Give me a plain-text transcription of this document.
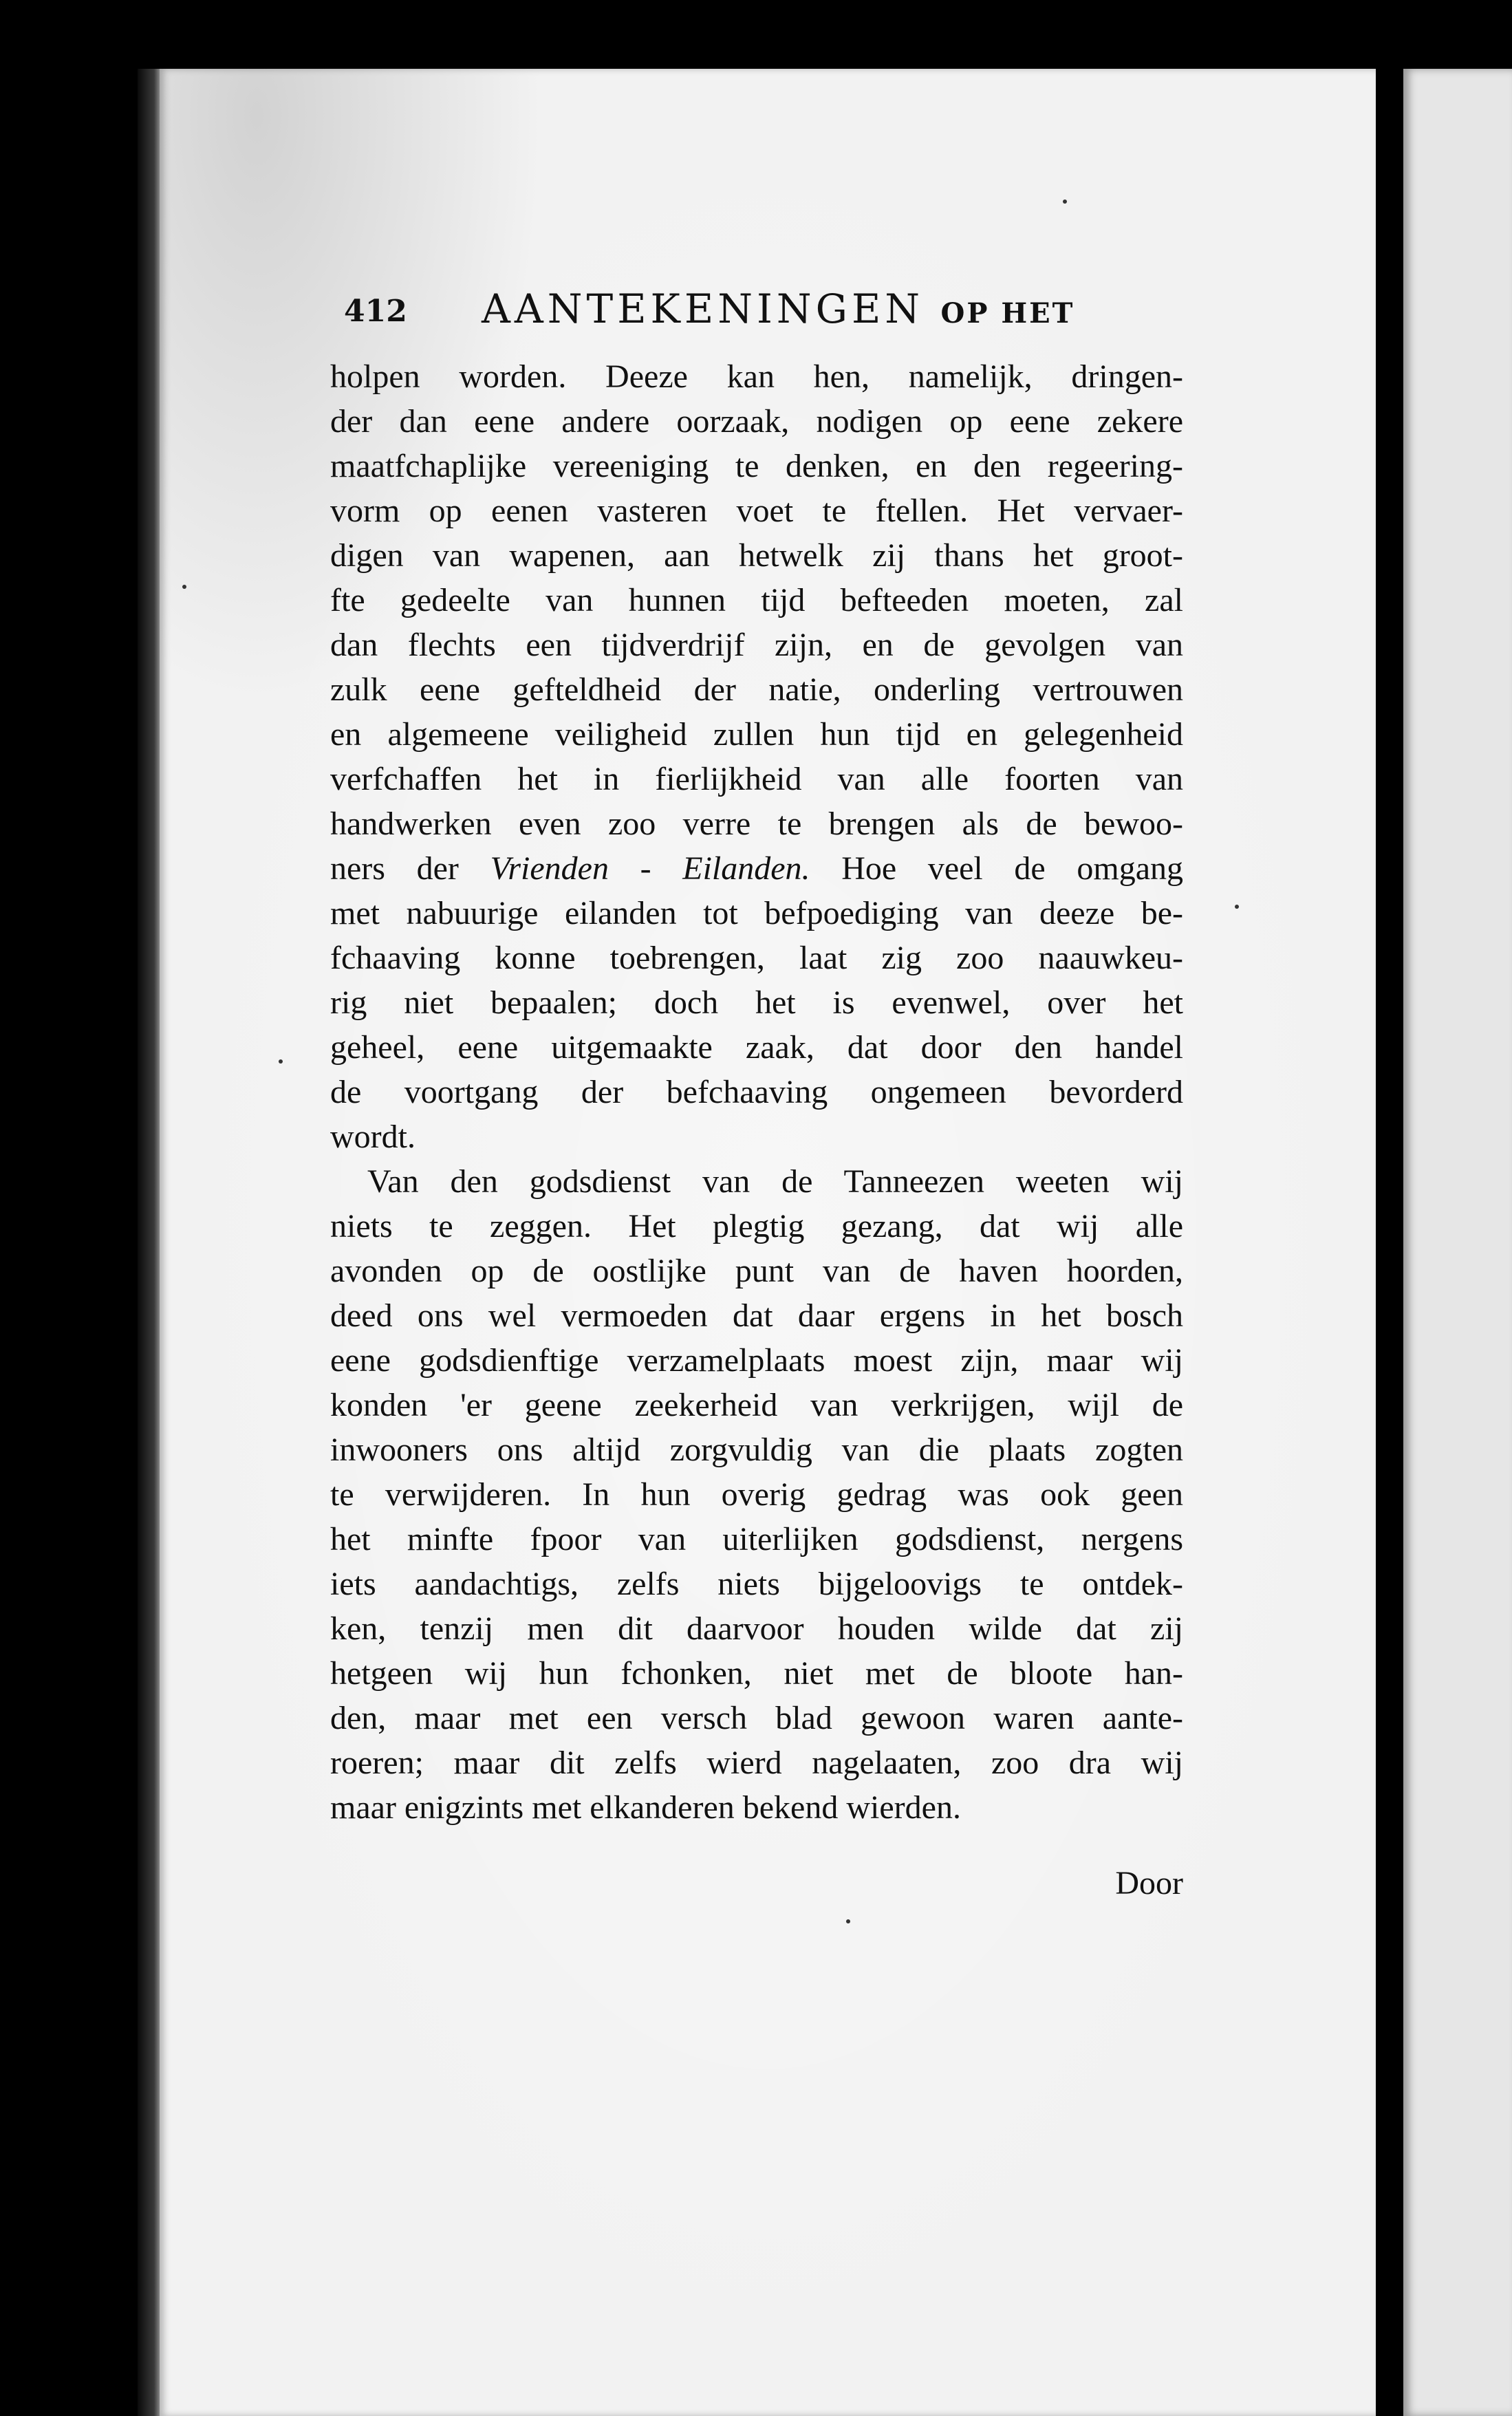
412 AANTEKENINGEN OP HET
holpen worden. Deeze kan hen, namelijk, dringen-
der dan eene andere oorzaak, nodigen op eene zekere
maatfchaplijke vereeniging te denken, en den regeering-
vorm op eenen vasteren voet te ftellen. Het vervaer-
digen van wapenen, aan hetwelk zij thans het groot-
fte gedeelte van hunnen tijd befteeden moeten, zal
dan flechts een tijdverdrijf zijn, en de gevolgen van
zulk eene gefteldheid der natie, onderling vertrouwen
en algemeene veiligheid zullen hun tijd en gelegenheid
verfchaffen het in fierlijkheid van alle foorten van
handwerken even zoo verre te brengen als de bewoo-
ners der Vrienden - Eilanden. Hoe veel de omgang
met nabuurige eilanden tot befpoediging van deeze be-
fchaaving konne toebrengen, laat zig zoo naauwkeu-
rig niet bepaalen; doch het is evenwel, over het
geheel, eene uitgemaakte zaak, dat door den handel
de voortgang der befchaaving ongemeen bevorderd
wordt.
Van den godsdienst van de Tanneezen weeten wij
niets te zeggen. Het plegtig gezang, dat wij alle
avonden op de oostlijke punt van de haven hoorden,
deed ons wel vermoeden dat daar ergens in het bosch
eene godsdienftige verzamelplaats moest zijn, maar wij
konden 'er geene zeekerheid van verkrijgen, wijl de
inwooners ons altijd zorgvuldig van die plaats zogten
te verwijderen. In hun overig gedrag was ook geen
het minfte fpoor van uiterlijken godsdienst, nergens
iets aandachtigs, zelfs niets bijgeloovigs te ontdek-
ken, tenzij men dit daarvoor houden wilde dat zij
hetgeen wij hun fchonken, niet met de bloote han-
den, maar met een versch blad gewoon waren aante-
roeren; maar dit zelfs wierd nagelaaten, zoo dra wij
maar enigzints met elkanderen bekend wierden.
Door
